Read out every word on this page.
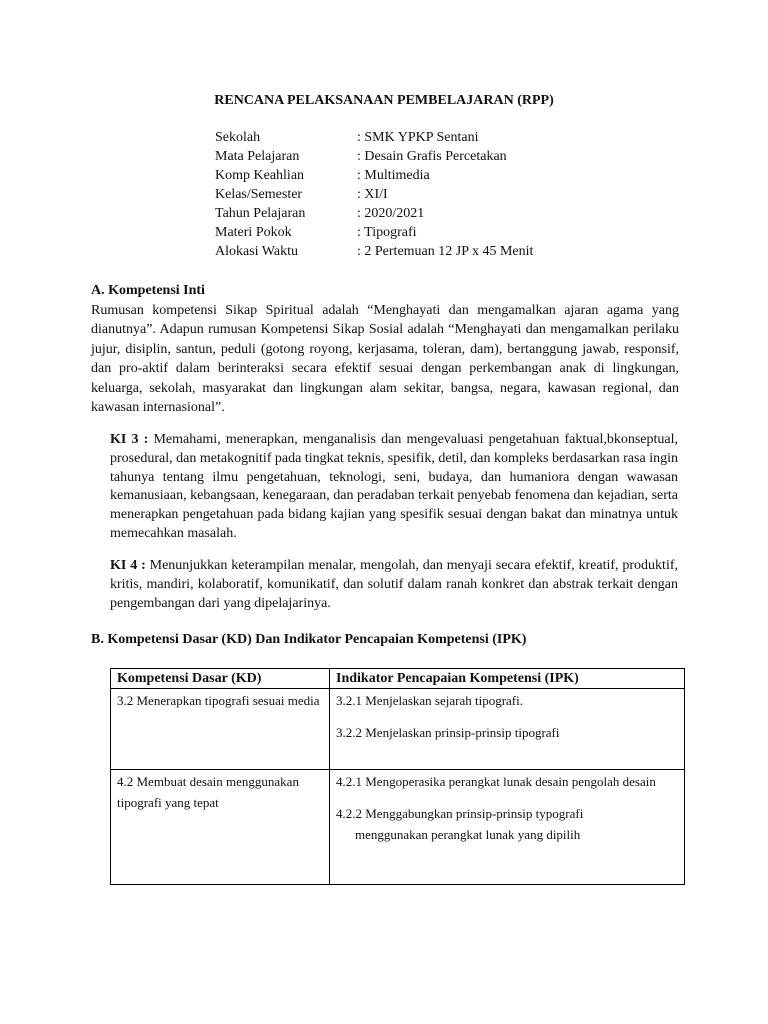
RENCANA PELAKSANAAN PEMBELAJARAN (RPP)
Sekolah	: SMK YPKP Sentani
Mata Pelajaran	: Desain Grafis Percetakan
Komp Keahlian	: Multimedia
Kelas/Semester	: XI/I
Tahun Pelajaran	: 2020/2021
Materi Pokok	: Tipografi
Alokasi Waktu	: 2 Pertemuan 12 JP x 45 Menit
A. Kompetensi Inti
Rumusan kompetensi Sikap Spiritual adalah “Menghayati dan mengamalkan ajaran agama yang dianutnya”. Adapun rumusan Kompetensi Sikap Sosial adalah “Menghayati dan mengamalkan perilaku jujur, disiplin, santun, peduli (gotong royong, kerjasama, toleran, dam), bertanggung jawab, responsif, dan pro-aktif dalam berinteraksi secara efektif sesuai dengan perkembangan anak di lingkungan, keluarga, sekolah, masyarakat dan lingkungan alam sekitar, bangsa, negara, kawasan regional, dan kawasan internasional”.
KI 3 : Memahami, menerapkan, menganalisis dan mengevaluasi pengetahuan faktual,bkonseptual, prosedural, dan metakognitif pada tingkat teknis, spesifik, detil, dan kompleks berdasarkan rasa ingin tahunya tentang ilmu pengetahuan, teknologi, seni, budaya, dan humaniora dengan wawasan kemanusiaan, kebangsaan, kenegaraan, dan peradaban terkait penyebab fenomena dan kejadian, serta menerapkan pengetahuan pada bidang kajian yang spesifik sesuai dengan bakat dan minatnya untuk memecahkan masalah.
KI 4 : Menunjukkan keterampilan menalar, mengolah, dan menyaji secara efektif, kreatif, produktif, kritis, mandiri, kolaboratif, komunikatif, dan solutif dalam ranah konkret dan abstrak terkait dengan pengembangan dari yang dipelajarinya.
B. Kompetensi Dasar (KD) Dan Indikator Pencapaian Kompetensi (IPK)
Kompetensi Dasar (KD)	Indikator Pencapaian Kompetensi (IPK)
3.2 Menerapkan tipografi sesuai media	3.2.1 Menjelaskan sejarah tipografi.
3.2.2 Menjelaskan prinsip-prinsip tipografi

4.2 Membuat desain menggunakan tipografi yang tepat	4.2.1 Mengoperasika perangkat lunak desain pengolah desain
4.2.2 Menggabungkan prinsip-prinsip typografi
menggunakan perangkat lunak yang dipilih
